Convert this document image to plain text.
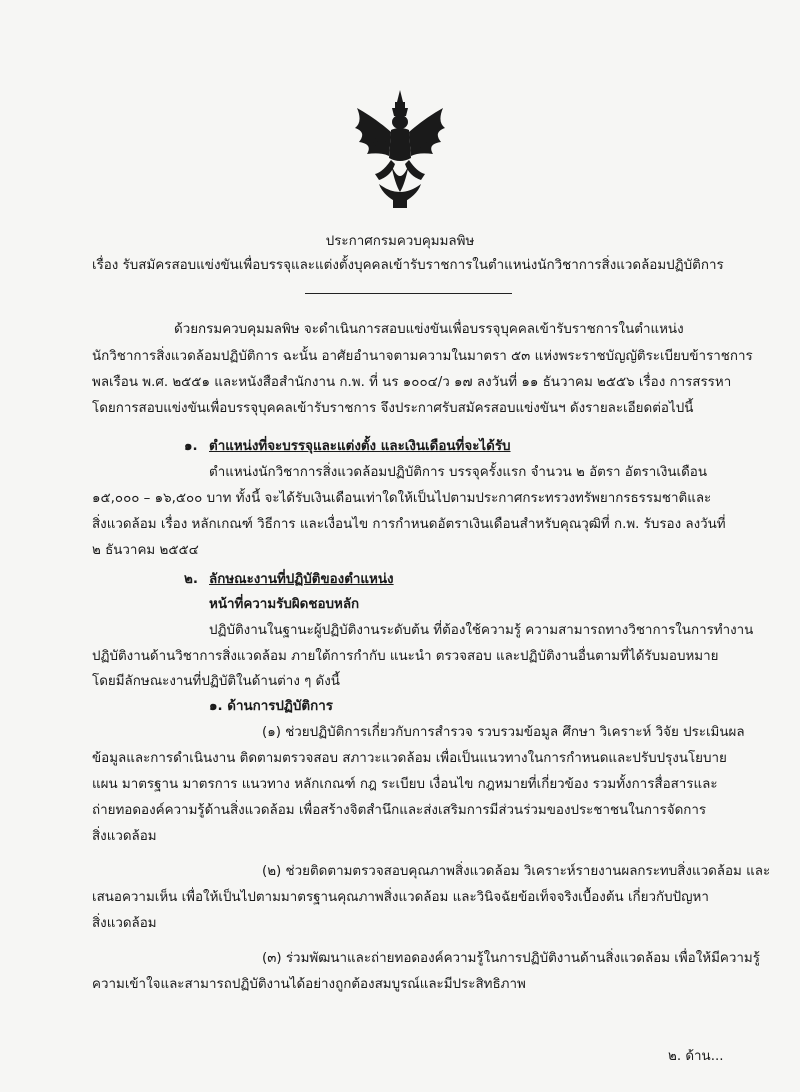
ประกาศกรมควบคุมมลพิษ
เรื่อง รับสมัครสอบแข่งขันเพื่อบรรจุและแต่งตั้งบุคคลเข้ารับราชการในตำแหน่งนักวิชาการสิ่งแวดล้อมปฏิบัติการ
ด้วยกรมควบคุมมลพิษ จะดำเนินการสอบแข่งขันเพื่อบรรจุบุคคลเข้ารับราชการในตำแหน่ง
นักวิชาการสิ่งแวดล้อมปฏิบัติการ ฉะนั้น อาศัยอำนาจตามความในมาตรา ๕๓ แห่งพระราชบัญญัติระเบียบข้าราชการ
พลเรือน พ.ศ. ๒๕๕๑ และหนังสือสำนักงาน ก.พ. ที่ นร ๑๐๐๔/ว ๑๗ ลงวันที่ ๑๑ ธันวาคม ๒๕๕๖ เรื่อง การสรรหา
โดยการสอบแข่งขันเพื่อบรรจุบุคคลเข้ารับราชการ จึงประกาศรับสมัครสอบแข่งขันฯ ดังรายละเอียดต่อไปนี้
๑. ตำแหน่งที่จะบรรจุและแต่งตั้ง และเงินเดือนที่จะได้รับ
ตำแหน่งนักวิชาการสิ่งแวดล้อมปฏิบัติการ บรรจุครั้งแรก จำนวน ๒ อัตรา อัตราเงินเดือน
๑๕,๐๐๐ – ๑๖,๕๐๐ บาท ทั้งนี้ จะได้รับเงินเดือนเท่าใดให้เป็นไปตามประกาศกระทรวงทรัพยากรธรรมชาติและ
สิ่งแวดล้อม เรื่อง หลักเกณฑ์ วิธีการ และเงื่อนไข การกำหนดอัตราเงินเดือนสำหรับคุณวุฒิที่ ก.พ. รับรอง ลงวันที่
๒ ธันวาคม ๒๕๕๔
๒. ลักษณะงานที่ปฏิบัติของตำแหน่ง
หน้าที่ความรับผิดชอบหลัก
ปฏิบัติงานในฐานะผู้ปฏิบัติงานระดับต้น ที่ต้องใช้ความรู้ ความสามารถทางวิชาการในการทำงาน
ปฏิบัติงานด้านวิชาการสิ่งแวดล้อม ภายใต้การกำกับ แนะนำ ตรวจสอบ และปฏิบัติงานอื่นตามที่ได้รับมอบหมาย
โดยมีลักษณะงานที่ปฏิบัติในด้านต่าง ๆ ดังนี้
๑. ด้านการปฏิบัติการ
(๑) ช่วยปฏิบัติการเกี่ยวกับการสำรวจ รวบรวมข้อมูล ศึกษา วิเคราะห์ วิจัย ประเมินผล
ข้อมูลและการดำเนินงาน ติดตามตรวจสอบ สภาวะแวดล้อม เพื่อเป็นแนวทางในการกำหนดและปรับปรุงนโยบาย
แผน มาตรฐาน มาตรการ แนวทาง หลักเกณฑ์ กฎ ระเบียบ เงื่อนไข กฎหมายที่เกี่ยวข้อง รวมทั้งการสื่อสารและ
ถ่ายทอดองค์ความรู้ด้านสิ่งแวดล้อม เพื่อสร้างจิตสำนึกและส่งเสริมการมีส่วนร่วมของประชาชนในการจัดการ
สิ่งแวดล้อม
(๒) ช่วยติดตามตรวจสอบคุณภาพสิ่งแวดล้อม วิเคราะห์รายงานผลกระทบสิ่งแวดล้อม และ
เสนอความเห็น เพื่อให้เป็นไปตามมาตรฐานคุณภาพสิ่งแวดล้อม และวินิจฉัยข้อเท็จจริงเบื้องต้น เกี่ยวกับปัญหา
สิ่งแวดล้อม
(๓) ร่วมพัฒนาและถ่ายทอดองค์ความรู้ในการปฏิบัติงานด้านสิ่งแวดล้อม เพื่อให้มีความรู้
ความเข้าใจและสามารถปฏิบัติงานได้อย่างถูกต้องสมบูรณ์และมีประสิทธิภาพ
๒. ด้าน...
